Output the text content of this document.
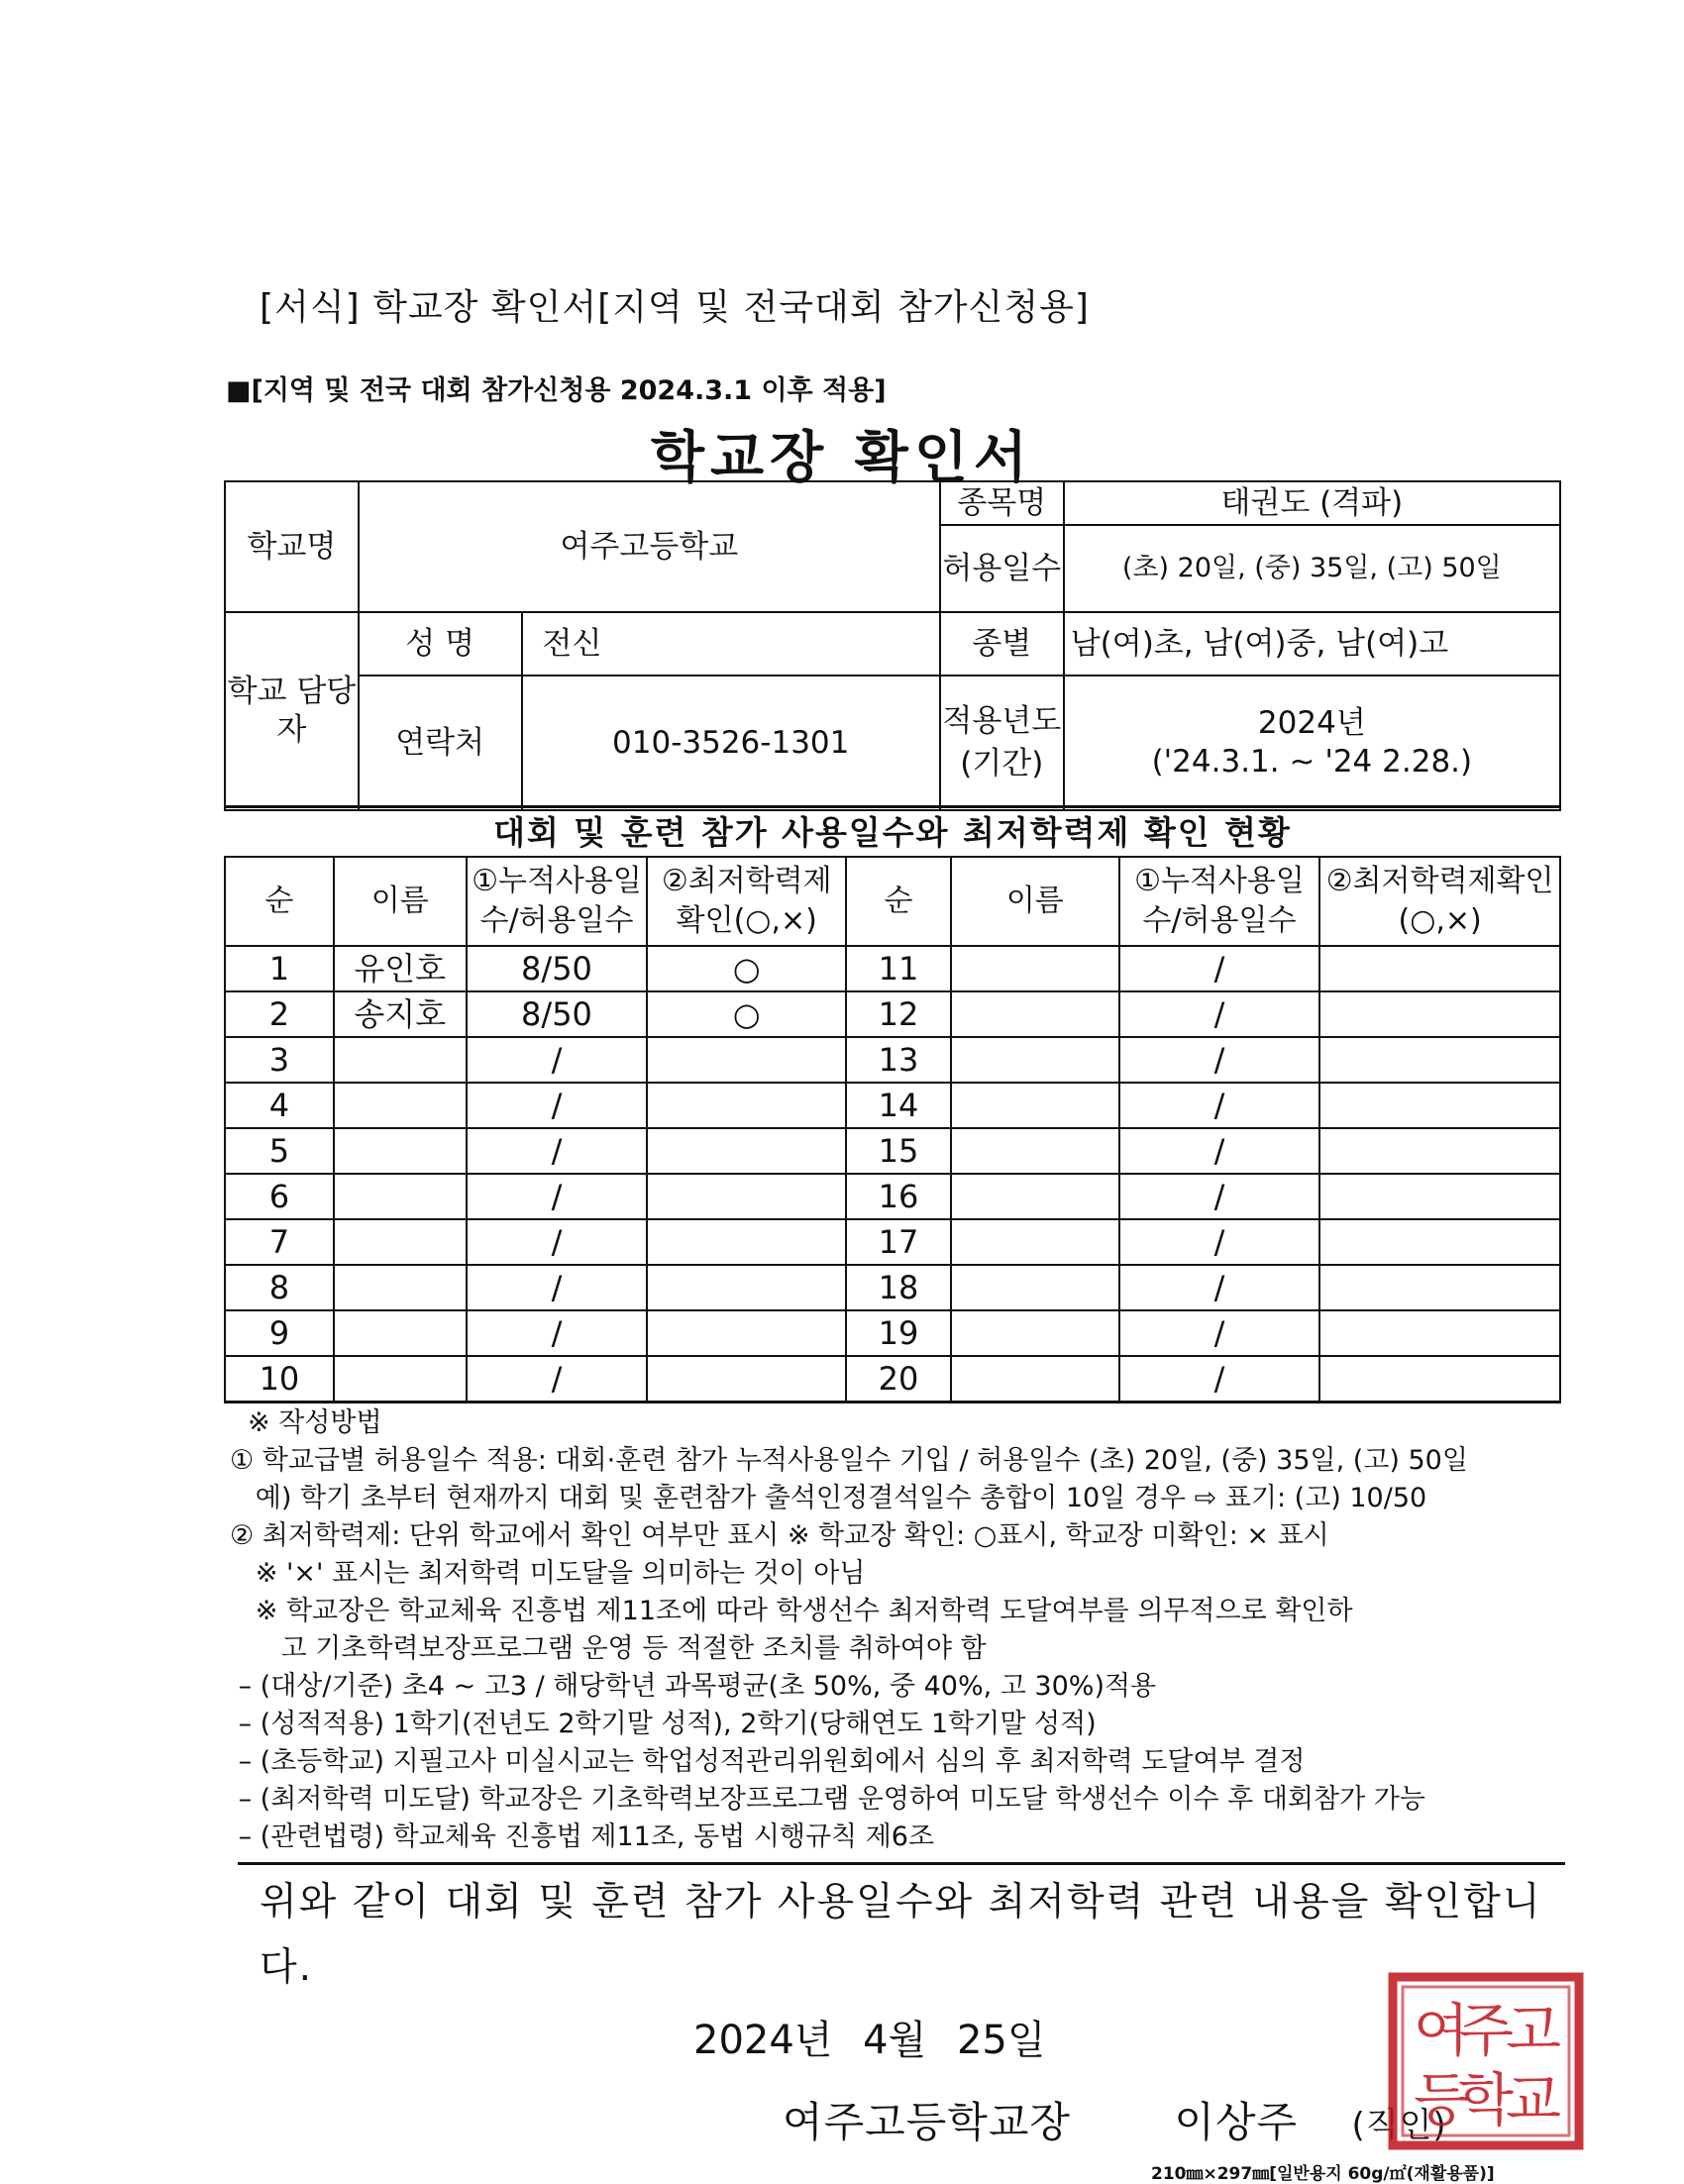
[서식] 학교장 확인서[지역 및 전국대회 참가신청용]
■[지역 및 전국 대회 참가신청용 2024.3.1 이후 적용]
학교장 확인서
학교명	여주고등학교		종목명	태권도 (격파)
			허용일수	(초) 20일, (중) 35일, (고) 50일
학교 담당자	성 명	전신	종별	남(여)초, 남(여)중, 남(여)고
	연락처	010-3526-1301	적용년도 (기간)	2024년
('24.3.1. ~ '24 2.28.)
대회 및 훈련 참가 사용일수와 최저학력제 확인 현황
순	이름	①누적사용일수/허용일수	②최저학력제확인(○,×)	순	이름	①누적사용일수/허용일수	②최저학력제확인(○,×)
1	유인호	8/50	○	11		/	
2	송지호	8/50	○	12		/	
3		/		13		/	
4		/		14		/	
5		/		15		/	
6		/		16		/	
7		/		17		/	
8		/		18		/	
9		/		19		/	
10		/		20		/	
※ 작성방법
① 학교급별 허용일수 적용: 대회·훈련 참가 누적사용일수 기입 / 허용일수 (초) 20일, (중) 35일, (고) 50일
예) 학기 초부터 현재까지 대회 및 훈련참가 출석인정결석일수 총합이 10일 경우 ⇨ 표기: (고) 10/50
② 최저학력제: 단위 학교에서 확인 여부만 표시 ※ 학교장 확인: ○표시, 학교장 미확인: × 표시
※ '×' 표시는 최저학력 미도달을 의미하는 것이 아님
※ 학교장은 학교체육 진흥법 제11조에 따라 학생선수 최저학력 도달여부를 의무적으로 확인하
고 기초학력보장프로그램 운영 등 적절한 조치를 취하여야 함
– (대상/기준) 초4 ~ 고3 / 해당학년 과목평균(초 50%, 중 40%, 고 30%)적용
– (성적적용) 1학기(전년도 2학기말 성적), 2학기(당해연도 1학기말 성적)
– (초등학교) 지필고사 미실시교는 학업성적관리위원회에서 심의 후 최저학력 도달여부 결정
– (최저학력 미도달) 학교장은 기초학력보장프로그램 운영하여 미도달 학생선수 이수 후 대회참가 가능
– (관련법령) 학교체육 진흥법 제11조, 동법 시행규칙 제6조
위와 같이 대회 및 훈련 참가 사용일수와 최저학력 관련 내용을 확인합니다.
2024년 4월 25일
여주고등학교장 이상주 (직인)
여
주
고
등
학
교
210㎜×297㎜[일반용지 60g/㎡(재활용품)]
